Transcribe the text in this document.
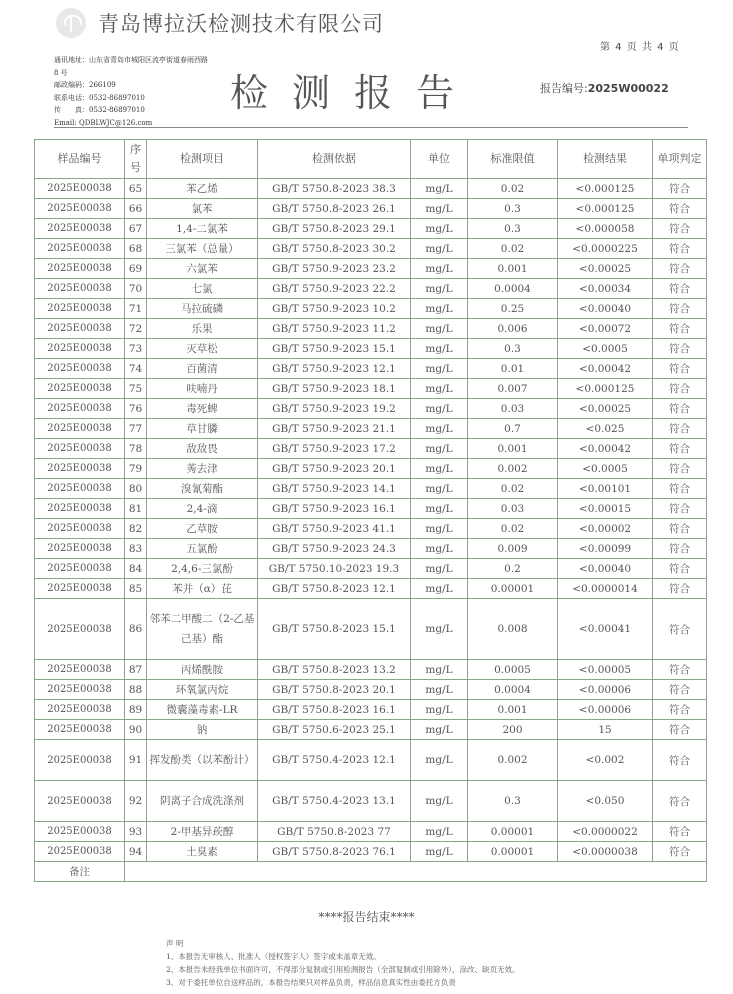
青岛博拉沃检测技术有限公司
第 4 页 共 4 页
通讯地址：山东省青岛市城阳区流亭街道春雨西路
8 号
邮政编码：266109
联系电话：0532-86897010
传　　真：0532-86897010
Email: QDBLWJC@126.com
检测报告	报告编号:2025W00022
样品编号	序号	检测项目	检测依据	单位	标准限值	检测结果	单项判定
2025E00038	65	苯乙烯	GB/T 5750.8-2023 38.3	mg/L	0.02	<0.000125	符合
2025E00038	66	氯苯	GB/T 5750.8-2023 26.1	mg/L	0.3	<0.000125	符合
2025E00038	67	1,4-二氯苯	GB/T 5750.8-2023 29.1	mg/L	0.3	<0.000058	符合
2025E00038	68	三氯苯（总量）	GB/T 5750.8-2023 30.2	mg/L	0.02	<0.0000225	符合
2025E00038	69	六氯苯	GB/T 5750.9-2023 23.2	mg/L	0.001	<0.00025	符合
2025E00038	70	七氯	GB/T 5750.9-2023 22.2	mg/L	0.0004	<0.00034	符合
2025E00038	71	马拉硫磷	GB/T 5750.9-2023 10.2	mg/L	0.25	<0.00040	符合
2025E00038	72	乐果	GB/T 5750.9-2023 11.2	mg/L	0.006	<0.00072	符合
2025E00038	73	灭草松	GB/T 5750.9-2023 15.1	mg/L	0.3	<0.0005	符合
2025E00038	74	百菌清	GB/T 5750.9-2023 12.1	mg/L	0.01	<0.00042	符合
2025E00038	75	呋喃丹	GB/T 5750.9-2023 18.1	mg/L	0.007	<0.000125	符合
2025E00038	76	毒死蜱	GB/T 5750.9-2023 19.2	mg/L	0.03	<0.00025	符合
2025E00038	77	草甘膦	GB/T 5750.9-2023 21.1	mg/L	0.7	<0.025	符合
2025E00038	78	敌敌畏	GB/T 5750.9-2023 17.2	mg/L	0.001	<0.00042	符合
2025E00038	79	莠去津	GB/T 5750.9-2023 20.1	mg/L	0.002	<0.0005	符合
2025E00038	80	溴氰菊酯	GB/T 5750.9-2023 14.1	mg/L	0.02	<0.00101	符合
2025E00038	81	2,4-滴	GB/T 5750.9-2023 16.1	mg/L	0.03	<0.00015	符合
2025E00038	82	乙草胺	GB/T 5750.9-2023 41.1	mg/L	0.02	<0.00002	符合
2025E00038	83	五氯酚	GB/T 5750.9-2023 24.3	mg/L	0.009	<0.00099	符合
2025E00038	84	2,4,6-三氯酚	GB/T 5750.10-2023 19.3	mg/L	0.2	<0.00040	符合
2025E00038	85	苯并（α）芘	GB/T 5750.8-2023 12.1	mg/L	0.00001	<0.0000014	符合
2025E00038	86	邻苯二甲酸二（2-乙基己基）酯	GB/T 5750.8-2023 15.1	mg/L	0.008	<0.00041	符合
2025E00038	87	丙烯酰胺	GB/T 5750.8-2023 13.2	mg/L	0.0005	<0.00005	符合
2025E00038	88	环氧氯丙烷	GB/T 5750.8-2023 20.1	mg/L	0.0004	<0.00006	符合
2025E00038	89	微囊藻毒素-LR	GB/T 5750.8-2023 16.1	mg/L	0.001	<0.00006	符合
2025E00038	90	钠	GB/T 5750.6-2023 25.1	mg/L	200	15	符合
2025E00038	91	挥发酚类（以苯酚计）	GB/T 5750.4-2023 12.1	mg/L	0.002	<0.002	符合
2025E00038	92	阴离子合成洗涤剂	GB/T 5750.4-2023 13.1	mg/L	0.3	<0.050	符合
2025E00038	93	2-甲基异莰醇	GB/T 5750.8-2023 77	mg/L	0.00001	<0.0000022	符合
2025E00038	94	土臭素	GB/T 5750.8-2023 76.1	mg/L	0.00001	<0.0000038	符合
备注							
****报告结束****
声 明
1、本报告无审核人、批准人（授权签字人）签字或未盖章无效。
2、本报告未经我单位书面许可，不得部分复制或引用检测报告（全部复制或引用除外），涂改、缺页无效。
3、对于委托单位自送样品的，本报告结果只对样品负责，样品信息真实性由委托方负责
